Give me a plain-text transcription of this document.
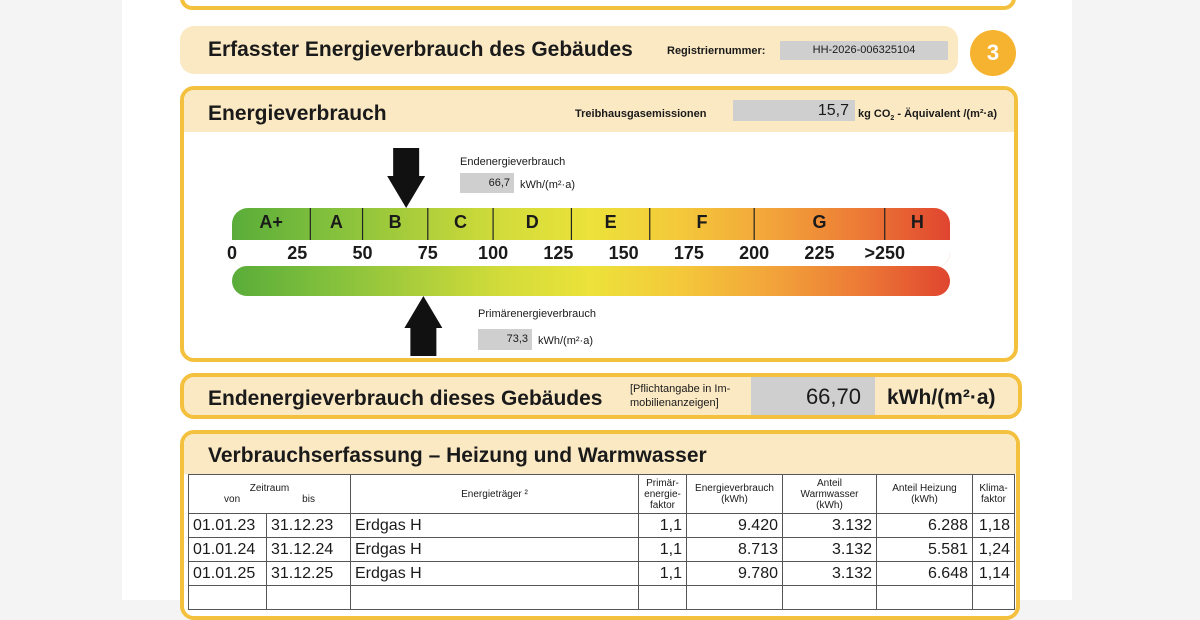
Erfasster Energieverbrauch des Gebäudes	Registriernummer:	HH-2026-006325104	3
Energieverbrauch	Treibhausgasemissionen	15,7 kg $CO_2$ - Äquivalent /(m²·a)
A+	A	B	C	D	E	F	G	H
0	25	50	75 100 125 150 175 200 225 >250
Endenergieverbrauch
66,7 kWh/(m²·a)
Primärenergieverbrauch
73,3 kWh/(m²·a)
Endenergieverbrauch dieses Gebäudes	[Pflichtangabe in Im- mobilienanzeigen]	66,70	kWh/(m²·a)
Verbrauchserfassung – Heizung und Warmwasser
Zeitraum
von bis		Energieträger ²	Primär- energie- faktor	Energieverbrauch (kWh)	Anteil Warmwasser (kWh)	Anteil Heizung (kWh)	Klima- faktor
01.01.23	31.12.23	Erdgas H	1,1	9.420	3.132	6.288	1,18
01.01.24	31.12.24	Erdgas H	1,1	8.713	3.132	5.581	1,24
01.01.25	31.12.25	Erdgas H	1,1	9.780	3.132	6.648	1,14
